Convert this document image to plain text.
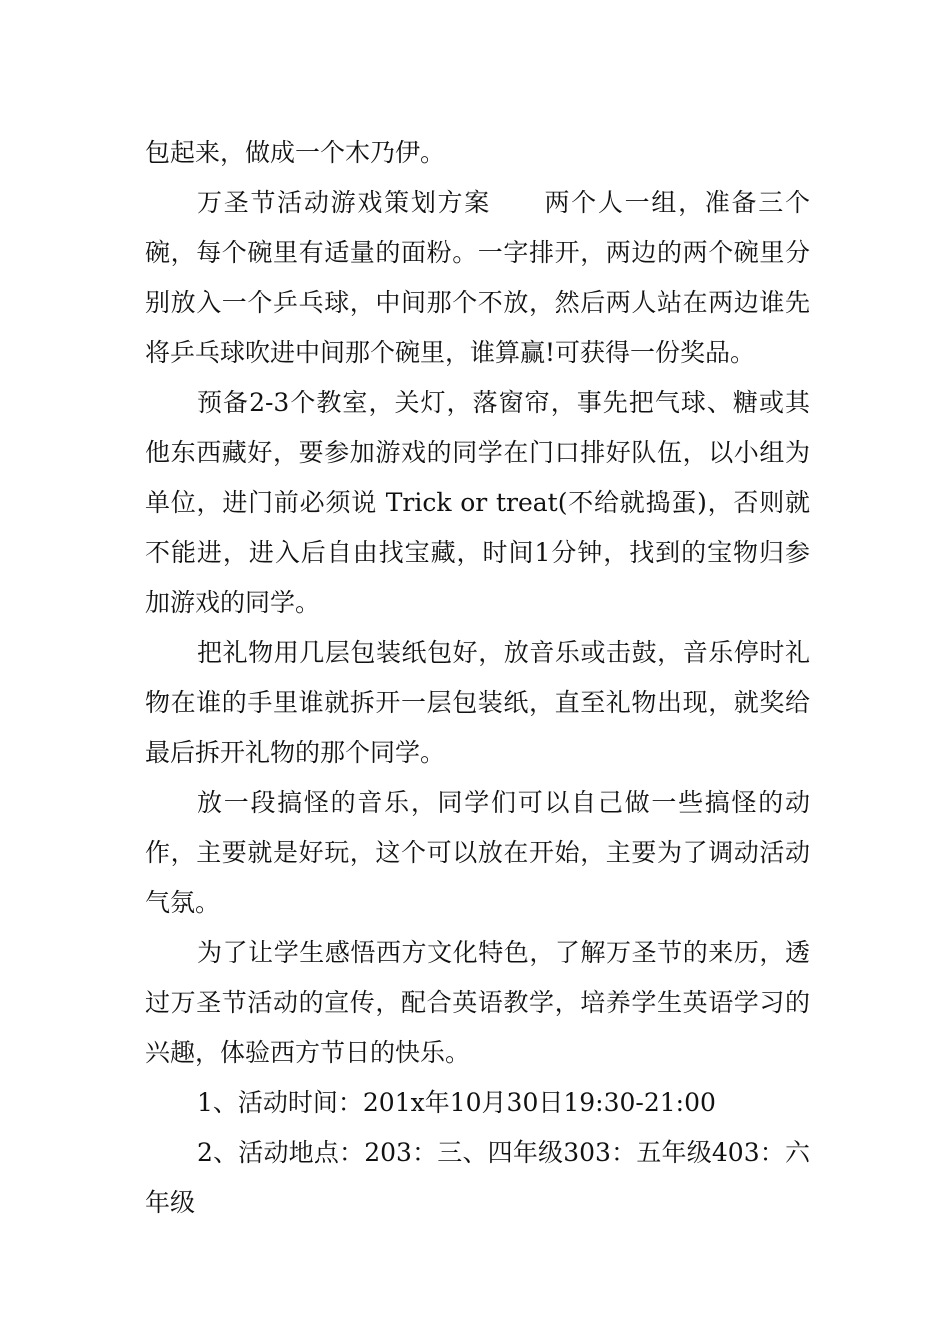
包起来，做成一个木乃伊。

万圣节活动游戏策划方案　　两个人一组，准备三个碗，每个碗里有适量的面粉。一字排开，两边的两个碗里分别放入一个乒乓球，中间那个不放，然后两人站在两边谁先将乒乓球吹进中间那个碗里，谁算赢!可获得一份奖品。

预备2-3个教室，关灯，落窗帘，事先把气球、糖或其他东西藏好，要参加游戏的同学在门口排好队伍，以小组为单位，进门前必须说 Trick or treat(不给就捣蛋)，否则就不能进，进入后自由找宝藏，时间1分钟，找到的宝物归参加游戏的同学。

把礼物用几层包装纸包好，放音乐或击鼓，音乐停时礼物在谁的手里谁就拆开一层包装纸，直至礼物出现，就奖给最后拆开礼物的那个同学。

放一段搞怪的音乐，同学们可以自己做一些搞怪的动作，主要就是好玩，这个可以放在开始，主要为了调动活动气氛。

为了让学生感悟西方文化特色，了解万圣节的来历，透过万圣节活动的宣传，配合英语教学，培养学生英语学习的兴趣，体验西方节日的快乐。

1、活动时间：201x年10月30日19:30-21:00

2、活动地点：203：三、四年级303：五年级403：六年级
